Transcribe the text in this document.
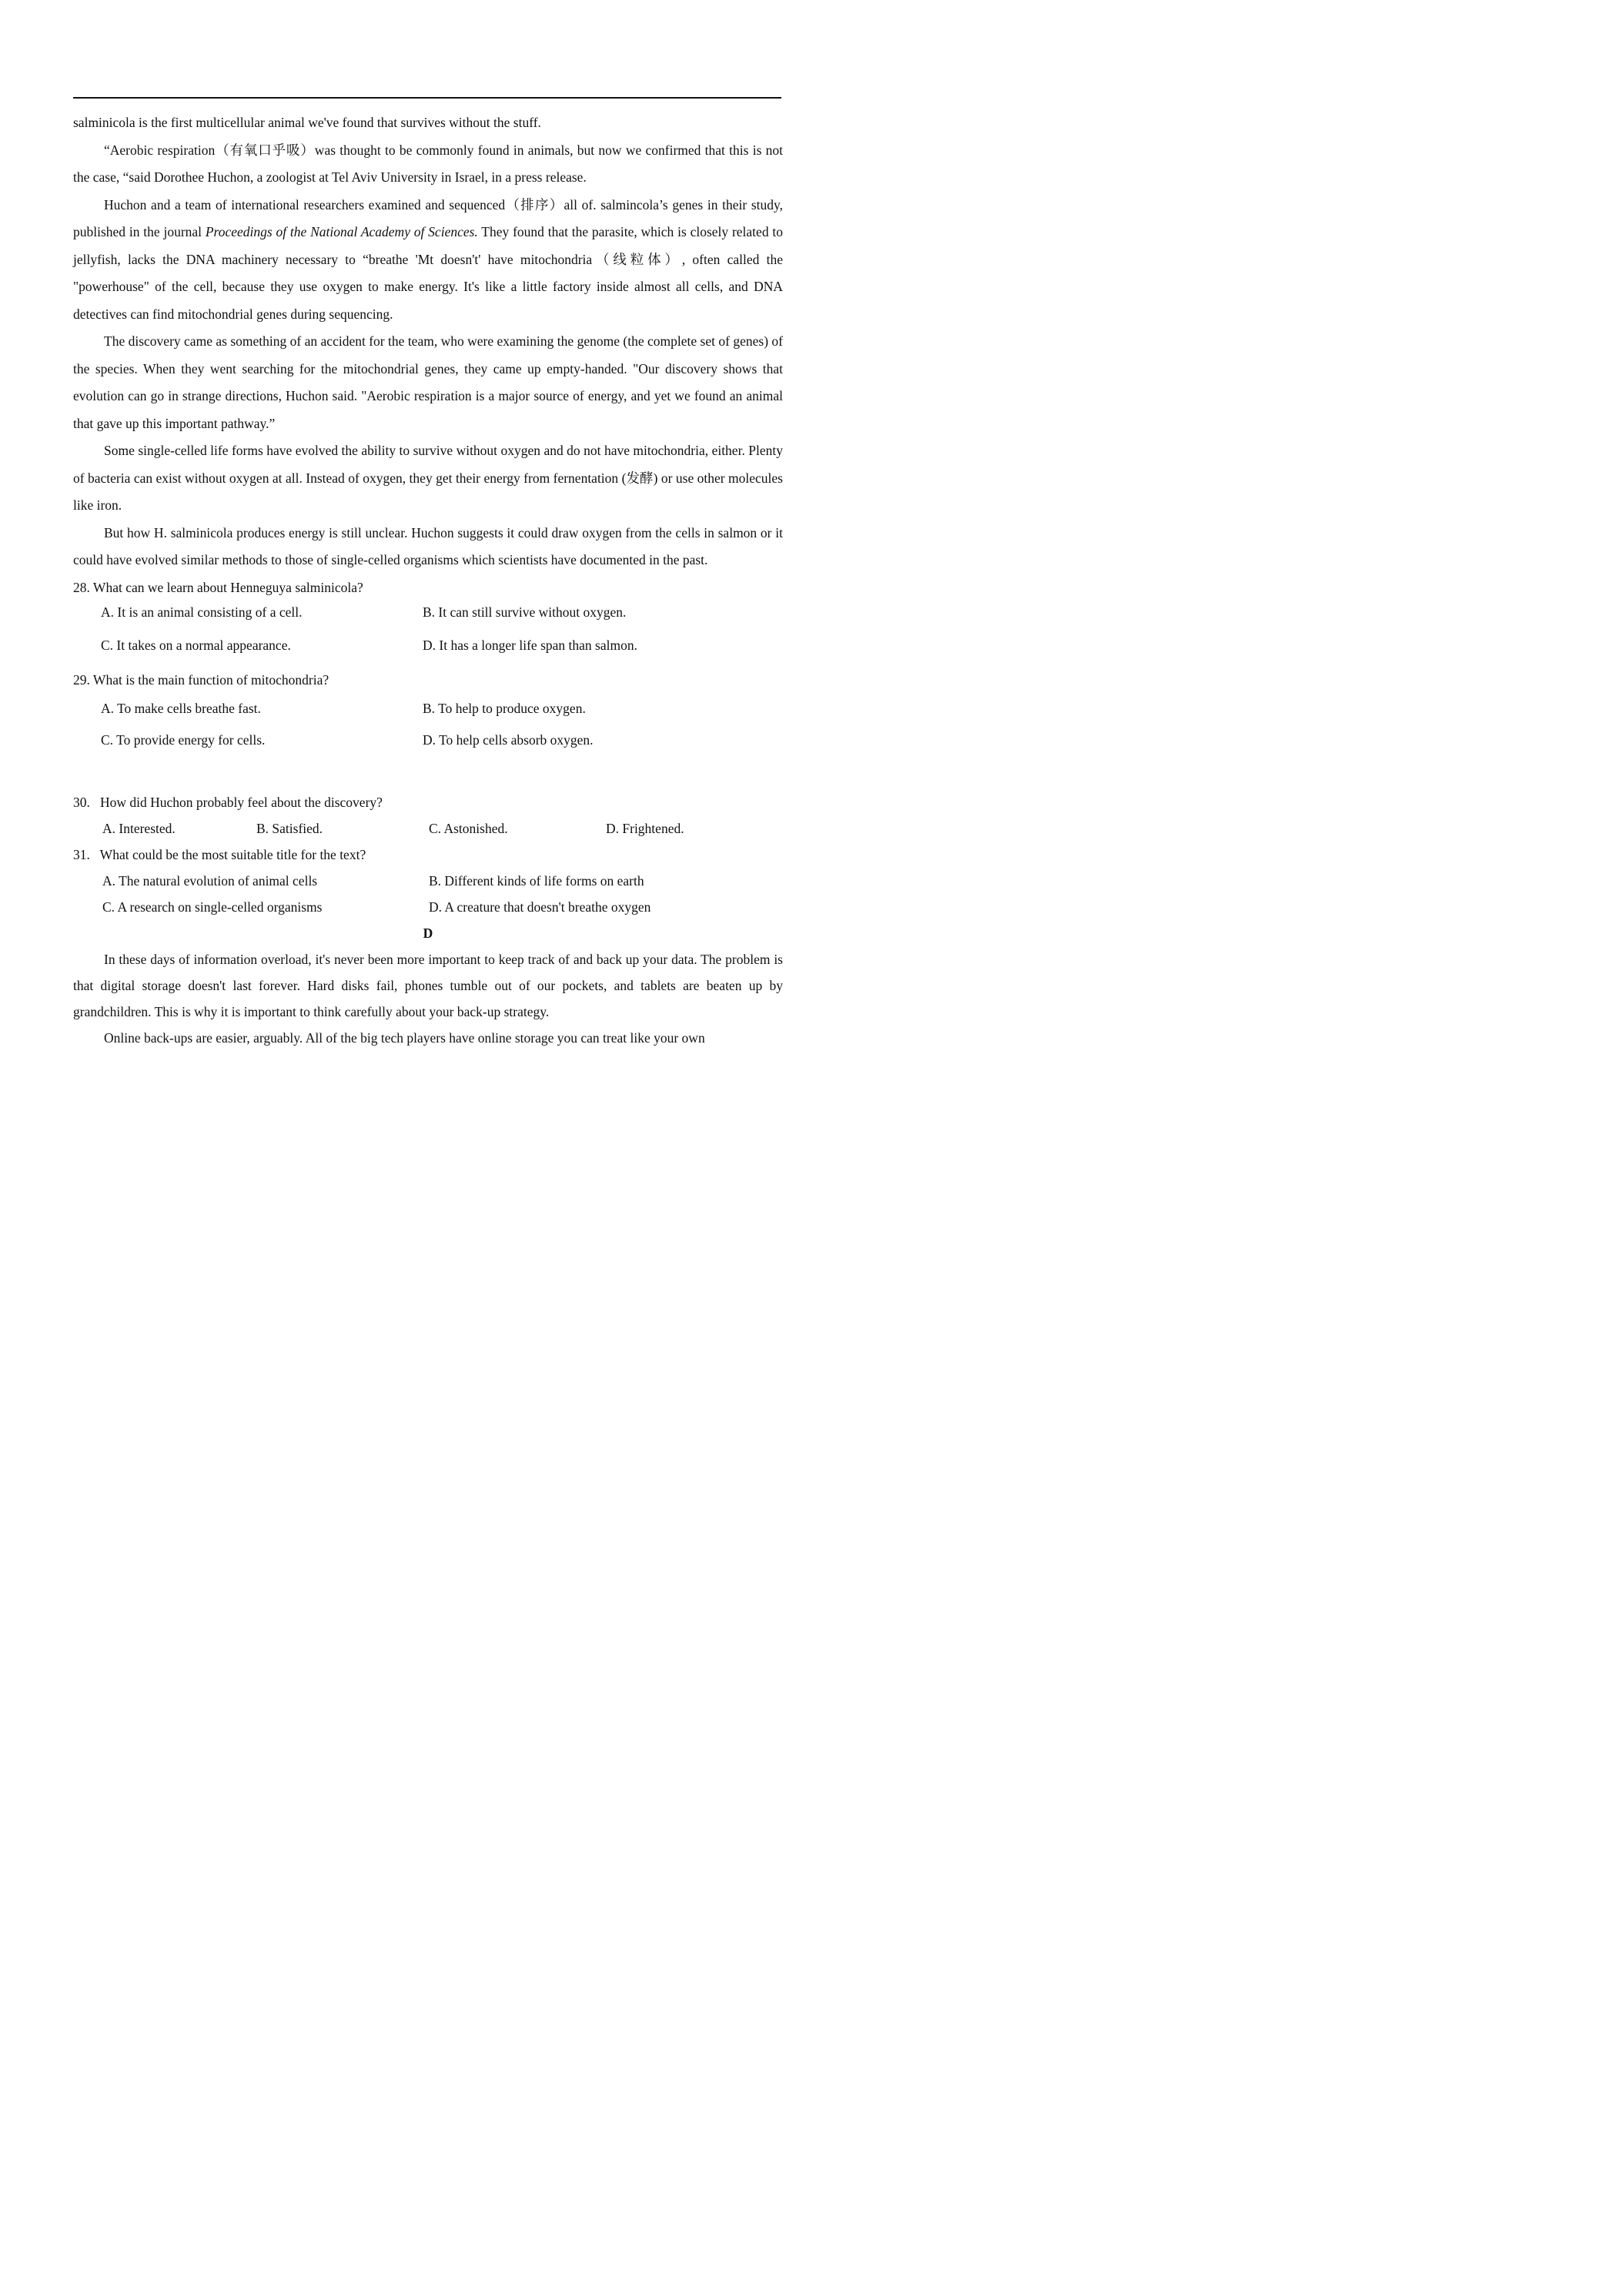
salminicola is the first multicellular animal we've found that survives without the stuff.

“Aerobic respiration（有氧口乎吸）was thought to be commonly found in animals, but now we confirmed that this is not the case, “said Dorothee Huchon, a zoologist at Tel Aviv University in Israel, in a press release.

Huchon and a team of international researchers examined and sequenced（排序）all of. salmincola’s genes in their study, published in the journal Proceedings of the National Academy of Sciences. They found that the parasite, which is closely related to jellyfish, lacks the DNA machinery necessary to “breathe 'Mt doesn't' have mitochondria（线粒体）, often called the "powerhouse" of the cell, because they use oxygen to make energy. It's like a little factory inside almost all cells, and DNA detectives can find mitochondrial genes during sequencing.

The discovery came as something of an accident for the team, who were examining the genome (the complete set of genes) of the species. When they went searching for the mitochondrial genes, they came up empty-handed. "Our discovery shows that evolution can go in strange directions, Huchon said. "Aerobic respiration is a major source of energy, and yet we found an animal that gave up this important pathway.”

Some single-celled life forms have evolved the ability to survive without oxygen and do not have mitochondria, either. Plenty of bacteria can exist without oxygen at all. Instead of oxygen, they get their energy from fernentation (发酵) or use other molecules like iron.

But how H. salminicola produces energy is still unclear. Huchon suggests it could draw oxygen from the cells in salmon or it could have evolved similar methods to those of single-celled organisms which scientists have documented in the past.

28. What can we learn about Henneguya salminicola?

A. It is an animal consisting of a cell.	B. It can still survive without oxygen.
C. It takes on a normal appearance.	D. It has a longer life span than salmon.

29. What is the main function of mitochondria?

A. To make cells breathe fast.	B. To help to produce oxygen.
C. To provide energy for cells.	D. To help cells absorb oxygen.

30.   How did Huchon probably feel about the discovery?

A. Interested.	B. Satisfied.	C. Astonished.	D. Frightened.

31.   What could be the most suitable title for the text?

A. The natural evolution of animal cells	B. Different kinds of life forms on earth
C. A research on single-celled organisms	D. A creature that doesn't breathe oxygen

D

In these days of information overload, it's never been more important to keep track of and back up your data. The problem is that digital storage doesn't last forever. Hard disks fail, phones tumble out of our pockets, and tablets are beaten up by grandchildren. This is why it is important to think carefully about your back-up strategy.

Online back-ups are easier, arguably. All of the big tech players have online storage you can treat like your own
